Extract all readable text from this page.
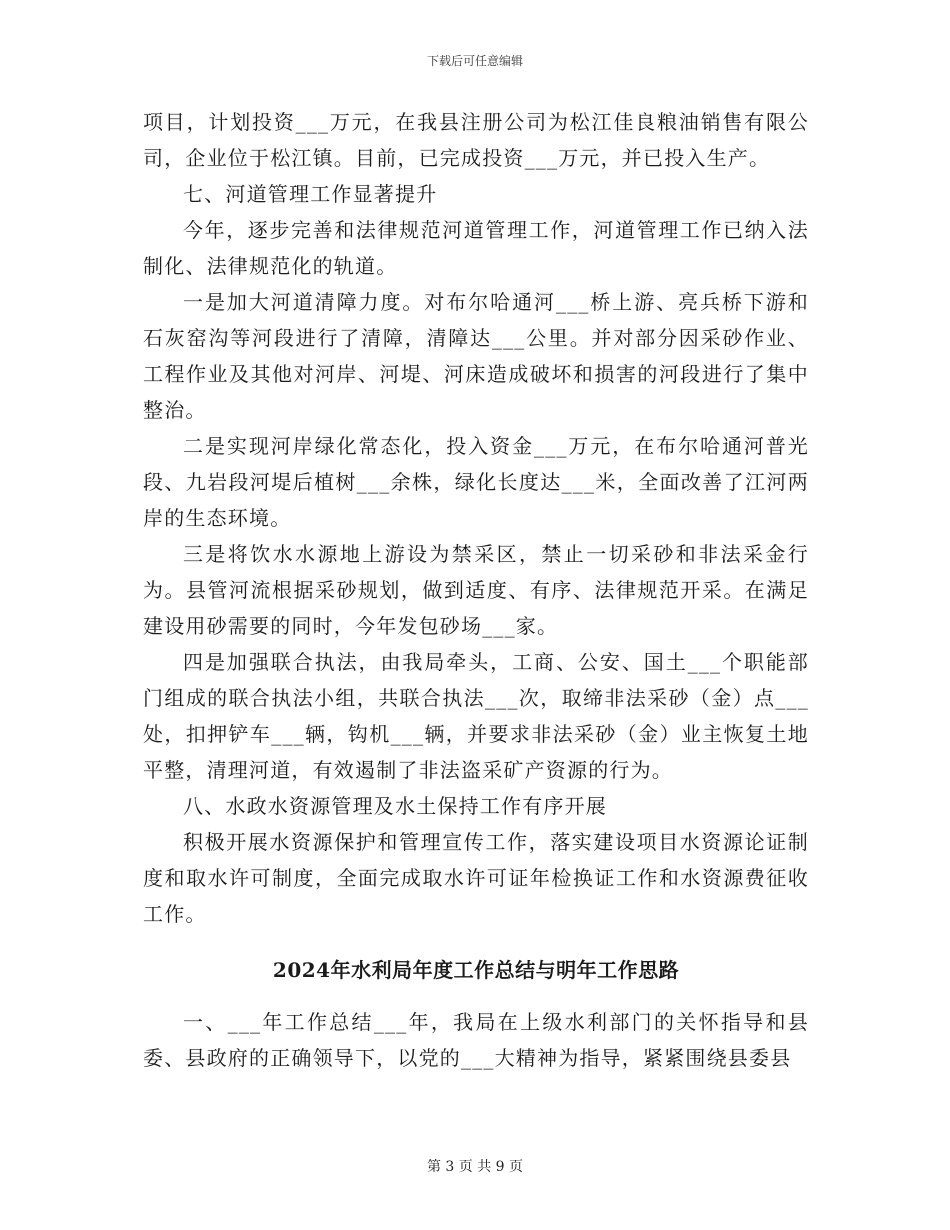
下载后可任意编辑

项目，计划投资___万元，在我县注册公司为松江佳良粮油销售有限公司，企业位于松江镇。目前，已完成投资___万元，并已投入生产。

七、河道管理工作显著提升

今年，逐步完善和法律规范河道管理工作，河道管理工作已纳入法制化、法律规范化的轨道。

一是加大河道清障力度。对布尔哈通河___桥上游、亮兵桥下游和石灰窑沟等河段进行了清障，清障达___公里。并对部分因采砂作业、工程作业及其他对河岸、河堤、河床造成破坏和损害的河段进行了集中整治。

二是实现河岸绿化常态化，投入资金___万元，在布尔哈通河普光段、九岩段河堤后植树___余株，绿化长度达___米，全面改善了江河两岸的生态环境。

三是将饮水水源地上游设为禁采区，禁止一切采砂和非法采金行为。县管河流根据采砂规划，做到适度、有序、法律规范开采。在满足建设用砂需要的同时，今年发包砂场___家。

四是加强联合执法，由我局牵头，工商、公安、国土___个职能部门组成的联合执法小组，共联合执法___次，取缔非法采砂（金）点___处，扣押铲车___辆，钩机___辆，并要求非法采砂（金）业主恢复土地平整，清理河道，有效遏制了非法盗采矿产资源的行为。

八、水政水资源管理及水土保持工作有序开展

积极开展水资源保护和管理宣传工作，落实建设项目水资源论证制度和取水许可制度，全面完成取水许可证年检换证工作和水资源费征收工作。

2024年水利局年度工作总结与明年工作思路

一、___年工作总结___年，我局在上级水利部门的关怀指导和县委、县政府的正确领导下，以党的___大精神为指导，紧紧围绕县委县

第 3 页 共 9 页
